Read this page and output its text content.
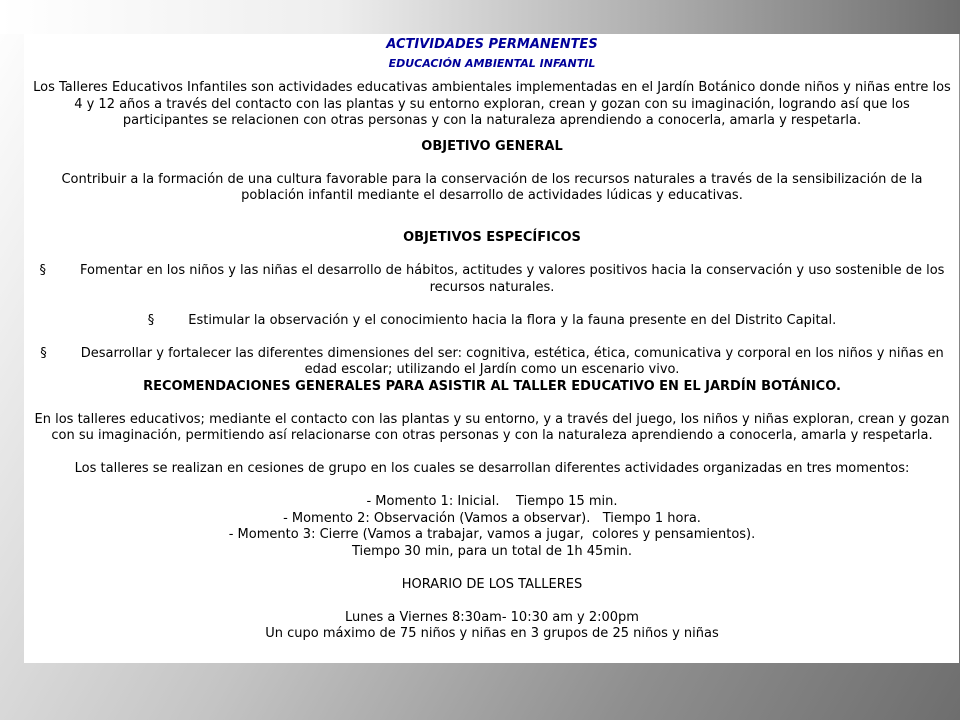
ACTIVIDADES PERMANENTES

EDUCACIÓN AMBIENTAL INFANTIL

Los Talleres Educativos Infantiles son actividades educativas ambientales implementadas en el Jardín Botánico donde niños y niñas entre los 4 y 12 años a través del contacto con las plantas y su entorno exploran, crean y gozan con su imaginación, logrando así que los participantes se relacionen con otras personas y con la naturaleza aprendiendo a conocerla, amarla y respetarla.

OBJETIVO GENERAL

Contribuir a la formación de una cultura favorable para la conservación de los recursos naturales a través de la sensibilización de la población infantil mediante el desarrollo de actividades lúdicas y educativas.

OBJETIVOS ESPECÍFICOS

§	Fomentar en los niños y las niñas el desarrollo de hábitos, actitudes y valores positivos hacia la conservación y uso sostenible de los recursos naturales.

§	Estimular la observación y el conocimiento hacia la flora y la fauna presente en del Distrito Capital.

§	Desarrollar y fortalecer las diferentes dimensiones del ser: cognitiva, estética, ética, comunicativa y corporal en los niños y niñas en edad escolar; utilizando el Jardín como un escenario vivo.

RECOMENDACIONES GENERALES PARA ASISTIR AL TALLER EDUCATIVO EN EL JARDÍN BOTÁNICO.

En los talleres educativos; mediante el contacto con las plantas y su entorno, y a través del juego, los niños y niñas exploran, crean y gozan con su imaginación, permitiendo así relacionarse con otras personas y con la naturaleza aprendiendo a conocerla, amarla y respetarla.

Los talleres se realizan en cesiones de grupo en los cuales se desarrollan diferentes actividades organizadas en tres momentos:

- Momento 1: Inicial.    Tiempo 15 min.

- Momento 2: Observación (Vamos a observar).   Tiempo 1 hora.

- Momento 3: Cierre (Vamos a trabajar, vamos a jugar,  colores y pensamientos).

Tiempo 30 min, para un total de 1h 45min.

HORARIO DE LOS TALLERES

Lunes a Viernes 8:30am- 10:30 am y 2:00pm

Un cupo máximo de 75 niños y niñas en 3 grupos de 25 niños y niñas
